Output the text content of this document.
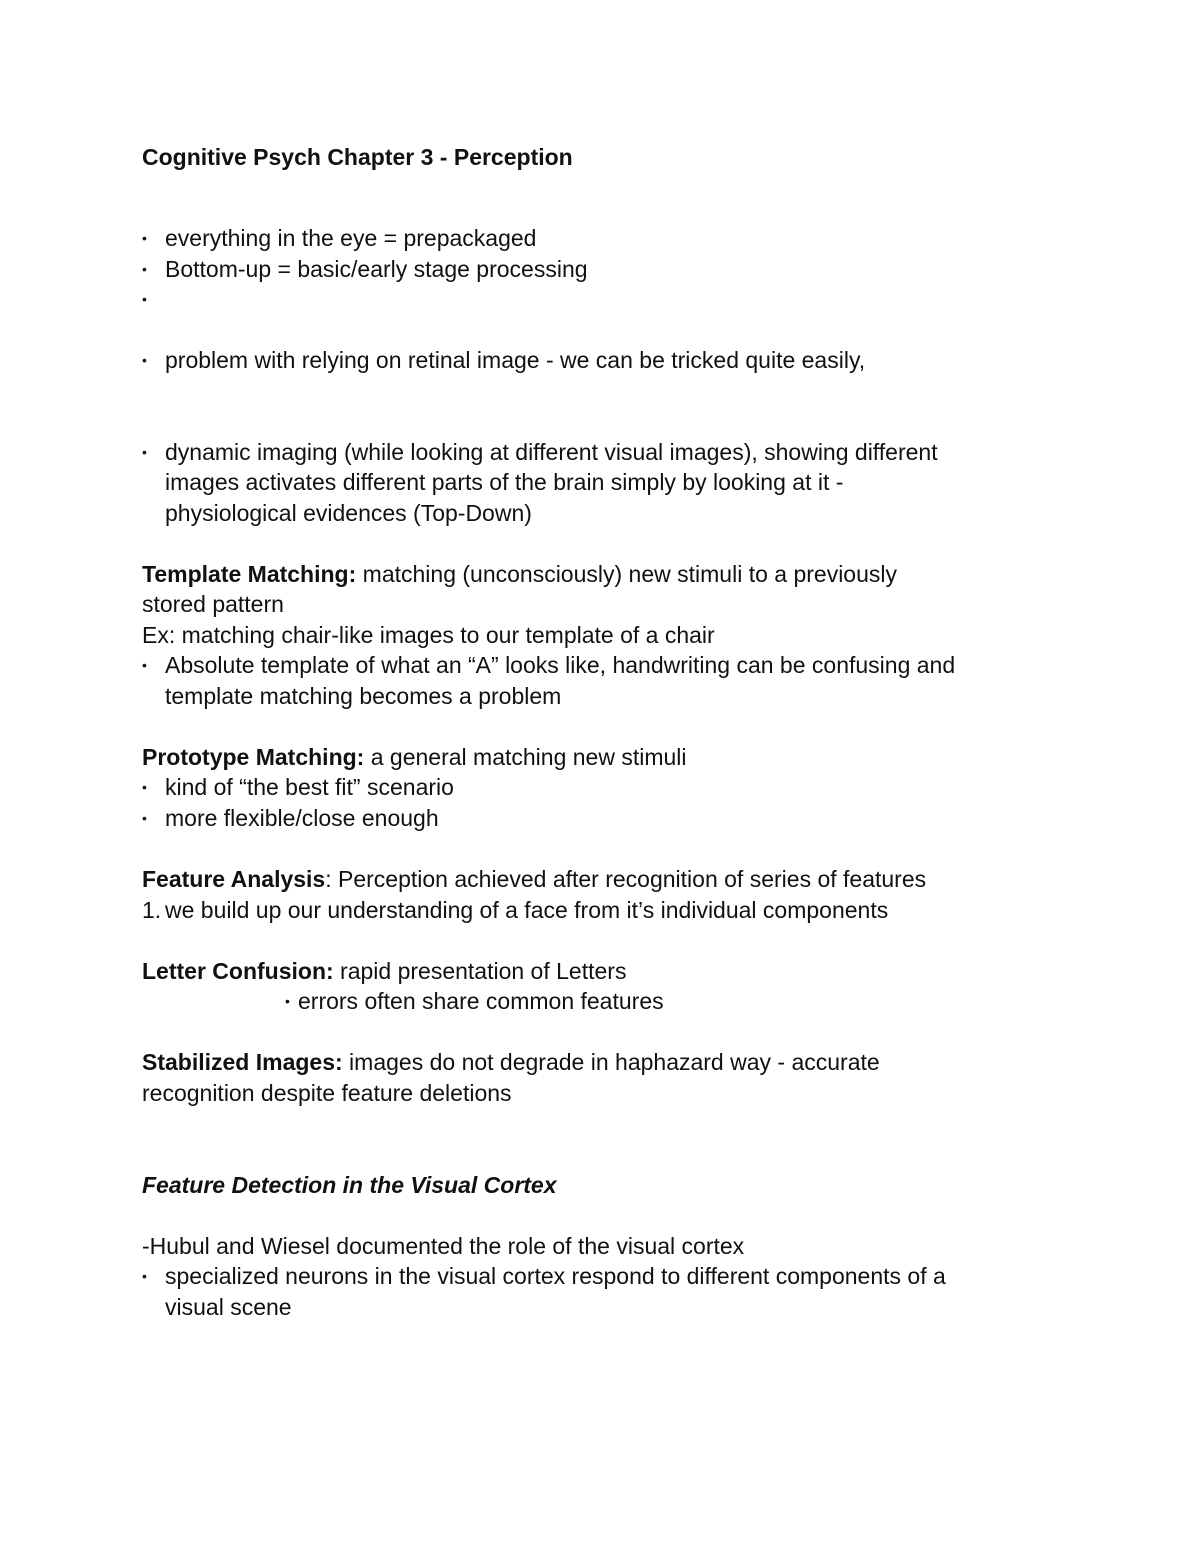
Cognitive Psych Chapter 3 - Perception
• everything in the eye = prepackaged
• Bottom-up = basic/early stage processing
•
• problem with relying on retinal image - we can be tricked quite easily,
• dynamic imaging (while looking at different visual images), showing different
images activates different parts of the brain simply by looking at it -
physiological evidences (Top-Down)
Template Matching: matching (unconsciously) new stimuli to a previously
stored pattern
Ex: matching chair-like images to our template of a chair
• Absolute template of what an “A” looks like, handwriting can be confusing and
template matching becomes a problem
Prototype Matching: a general matching new stimuli
• kind of “the best fit” scenario
• more flexible/close enough
Feature Analysis: Perception achieved after recognition of series of features
1. we build up our understanding of a face from it’s individual components
Letter Confusion: rapid presentation of Letters
• errors often share common features
Stabilized Images: images do not degrade in haphazard way - accurate
recognition despite feature deletions
Feature Detection in the Visual Cortex
-Hubul and Wiesel documented the role of the visual cortex
• specialized neurons in the visual cortex respond to different components of a
visual scene
